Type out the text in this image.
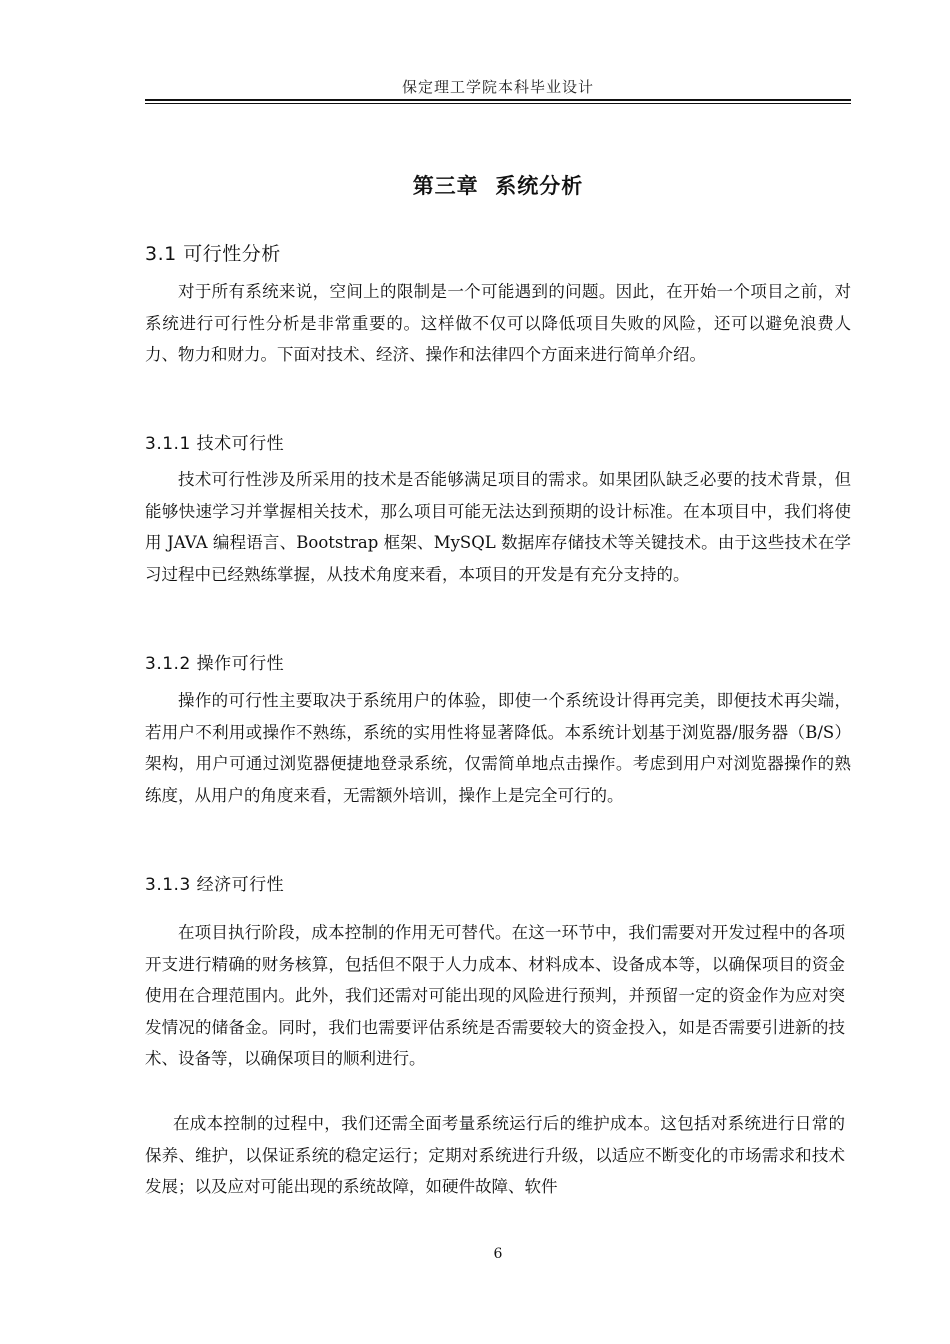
保定理工学院本科毕业设计
第三章  系统分析
3.1 可行性分析

对于所有系统来说，空间上的限制是一个可能遇到的问题。因此，在开始一个项目之前，对系统进行可行性分析是非常重要的。这样做不仅可以降低项目失败的风险，还可以避免浪费人力、物力和财力。下面对技术、经济、操作和法律四个方面来进行简单介绍。

3.1.1 技术可行性

技术可行性涉及所采用的技术是否能够满足项目的需求。如果团队缺乏必要的技术背景，但能够快速学习并掌握相关技术，那么项目可能无法达到预期的设计标准。在本项目中，我们将使用 JAVA 编程语言、Bootstrap 框架、MySQL 数据库存储技术等关键技术。由于这些技术在学习过程中已经熟练掌握，从技术角度来看，本项目的开发是有充分支持的。

3.1.2 操作可行性

操作的可行性主要取决于系统用户的体验，即使一个系统设计得再完美，即便技术再尖端，若用户不利用或操作不熟练，系统的实用性将显著降低。本系统计划基于浏览器/服务器（B/S）架构，用户可通过浏览器便捷地登录系统，仅需简单地点击操作。考虑到用户对浏览器操作的熟练度，从用户的角度来看，无需额外培训，操作上是完全可行的。

3.1.3 经济可行性

在项目执行阶段，成本控制的作用无可替代。在这一环节中，我们需要对开发过程中的各项开支进行精确的财务核算，包括但不限于人力成本、材料成本、设备成本等，以确保项目的资金使用在合理范围内。此外，我们还需对可能出现的风险进行预判，并预留一定的资金作为应对突发情况的储备金。同时，我们也需要评估系统是否需要较大的资金投入，如是否需要引进新的技术、设备等，以确保项目的顺利进行。

在成本控制的过程中，我们还需全面考量系统运行后的维护成本。这包括对系统进行日常的保养、维护，以保证系统的稳定运行；定期对系统进行升级，以适应不断变化的市场需求和技术发展；以及应对可能出现的系统故障，如硬件故障、软件

6
